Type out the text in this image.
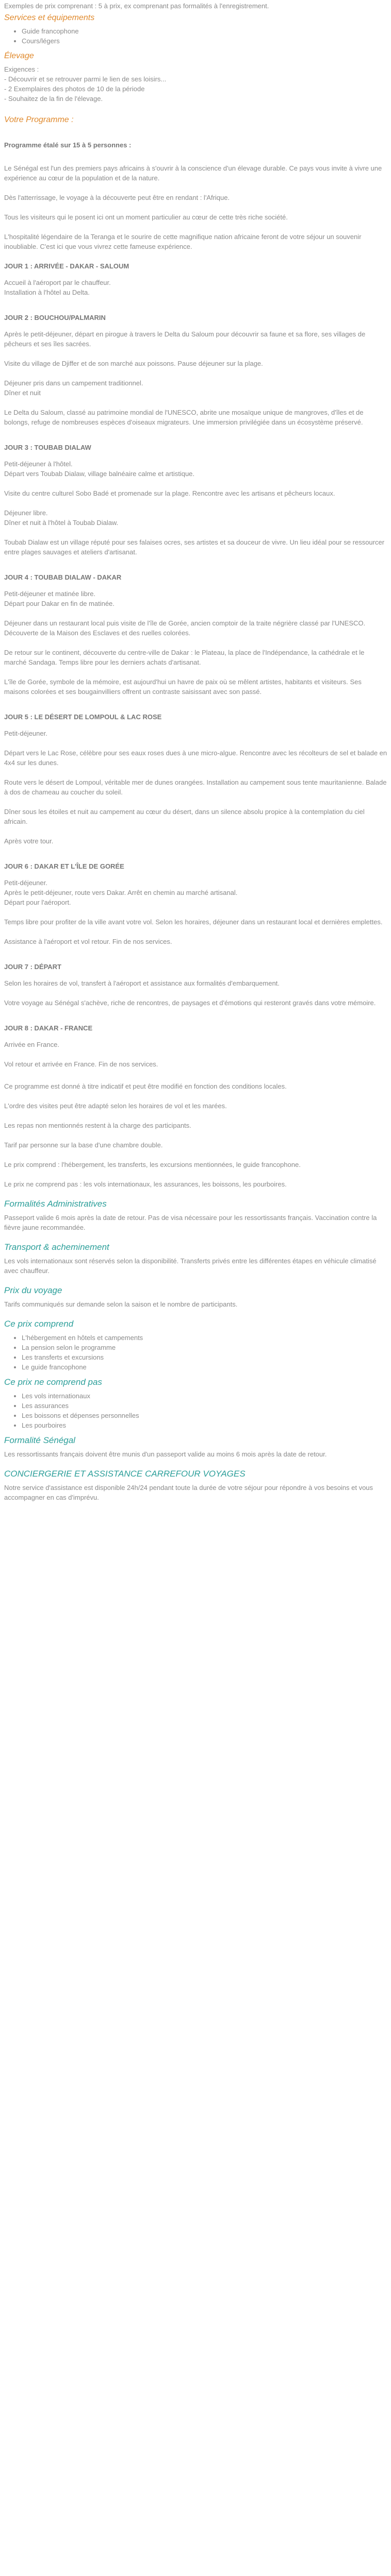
Exemples de prix comprenant : 5 à prix, ex comprenant pas formalités à l'enregistrement.

Services et équipements
• Guide francophone
• Cours/légers
Élevage

Exigences :

- Découvrir et se retrouver parmi le lien de ses loisirs...

- 2 Exemplaires des photos de 10 de la période

- Souhaitez de la fin de l'élevage.

Votre Programme :

Programme étalé sur 15 à 5 personnes :

Le Sénégal est l'un des premiers pays africains à s'ouvrir à la conscience d'un élevage durable. Ce pays vous invite à vivre une expérience au cœur de la population et de la nature.

Dès l'atterrissage, le voyage à la découverte peut être en rendant : l'Afrique.

Tous les visiteurs qui le posent ici ont un moment particulier au cœur de cette très riche société.

L'hospitalité légendaire de la Teranga et le sourire de cette magnifique nation africaine feront de votre séjour un souvenir inoubliable. C'est ici que vous vivrez cette fameuse expérience.

JOUR 1 : ARRIVÉE - DAKAR - SALOUM

Accueil à l'aéroport par le chauffeur.

Installation à l'hôtel au Delta.

JOUR 2 : BOUCHOU/PALMARIN

Après le petit-déjeuner, départ en pirogue à travers le Delta du Saloum pour découvrir sa faune et sa flore, ses villages de pêcheurs et ses îles sacrées.

Visite du village de Djiffer et de son marché aux poissons. Pause déjeuner sur la plage.

Déjeuner pris dans un campement traditionnel.

Dîner et nuit

Le Delta du Saloum, classé au patrimoine mondial de l'UNESCO, abrite une mosaïque unique de mangroves, d'îles et de bolongs, refuge de nombreuses espèces d'oiseaux migrateurs. Une immersion privilégiée dans un écosystème préservé.

JOUR 3 : TOUBAB DIALAW

Petit-déjeuner à l'hôtel.

Départ vers Toubab Dialaw, village balnéaire calme et artistique.

Visite du centre culturel Sobo Badé et promenade sur la plage. Rencontre avec les artisans et pêcheurs locaux.

Déjeuner libre.

Dîner et nuit à l'hôtel à Toubab Dialaw.

Toubab Dialaw est un village réputé pour ses falaises ocres, ses artistes et sa douceur de vivre. Un lieu idéal pour se ressourcer entre plages sauvages et ateliers d'artisanat.

JOUR 4 : TOUBAB DIALAW - DAKAR

Petit-déjeuner et matinée libre.

Départ pour Dakar en fin de matinée.

Déjeuner dans un restaurant local puis visite de l'île de Gorée, ancien comptoir de la traite négrière classé par l'UNESCO. Découverte de la Maison des Esclaves et des ruelles colorées.

De retour sur le continent, découverte du centre-ville de Dakar : le Plateau, la place de l'Indépendance, la cathédrale et le marché Sandaga. Temps libre pour les derniers achats d'artisanat.

L'île de Gorée, symbole de la mémoire, est aujourd'hui un havre de paix où se mêlent artistes, habitants et visiteurs. Ses maisons colorées et ses bougainvilliers offrent un contraste saisissant avec son passé.

JOUR 5 : LE DÉSERT DE LOMPOUL & LAC ROSE

Petit-déjeuner.

Départ vers le Lac Rose, célèbre pour ses eaux roses dues à une micro-algue. Rencontre avec les récolteurs de sel et balade en 4x4 sur les dunes.

Route vers le désert de Lompoul, véritable mer de dunes orangées. Installation au campement sous tente mauritanienne. Balade à dos de chameau au coucher du soleil.

Dîner sous les étoiles et nuit au campement au cœur du désert, dans un silence absolu propice à la contemplation du ciel africain.

Après votre tour.

JOUR 6 : DAKAR ET L'ÎLE DE GORÉE

Petit-déjeuner.

Après le petit-déjeuner, route vers Dakar. Arrêt en chemin au marché artisanal.

Départ pour l'aéroport.

Temps libre pour profiter de la ville avant votre vol. Selon les horaires, déjeuner dans un restaurant local et dernières emplettes.

Assistance à l'aéroport et vol retour. Fin de nos services.

JOUR 7 : DÉPART

Selon les horaires de vol, transfert à l'aéroport et assistance aux formalités d'embarquement.

Votre voyage au Sénégal s'achève, riche de rencontres, de paysages et d'émotions qui resteront gravés dans votre mémoire.

JOUR 8 : DAKAR - FRANCE

Arrivée en France.

Vol retour et arrivée en France. Fin de nos services.

Ce programme est donné à titre indicatif et peut être modifié en fonction des conditions locales.

L'ordre des visites peut être adapté selon les horaires de vol et les marées.

Les repas non mentionnés restent à la charge des participants.

Tarif par personne sur la base d'une chambre double.

Le prix comprend : l'hébergement, les transferts, les excursions mentionnées, le guide francophone.

Le prix ne comprend pas : les vols internationaux, les assurances, les boissons, les pourboires.

Formalités Administratives

Passeport valide 6 mois après la date de retour. Pas de visa nécessaire pour les ressortissants français. Vaccination contre la fièvre jaune recommandée.

Transport & acheminement

Les vols internationaux sont réservés selon la disponibilité. Transferts privés entre les différentes étapes en véhicule climatisé avec chauffeur.

Prix du voyage

Tarifs communiqués sur demande selon la saison et le nombre de participants.

Ce prix comprend
• L'hébergement en hôtels et campements
• La pension selon le programme
• Les transferts et excursions
• Le guide francophone
Ce prix ne comprend pas
• Les vols internationaux
• Les assurances
• Les boissons et dépenses personnelles
• Les pourboires
Formalité Sénégal

Les ressortissants français doivent être munis d'un passeport valide au moins 6 mois après la date de retour.

CONCIERGERIE ET ASSISTANCE CARREFOUR VOYAGES

Notre service d'assistance est disponible 24h/24 pendant toute la durée de votre séjour pour répondre à vos besoins et vous accompagner en cas d'imprévu.
